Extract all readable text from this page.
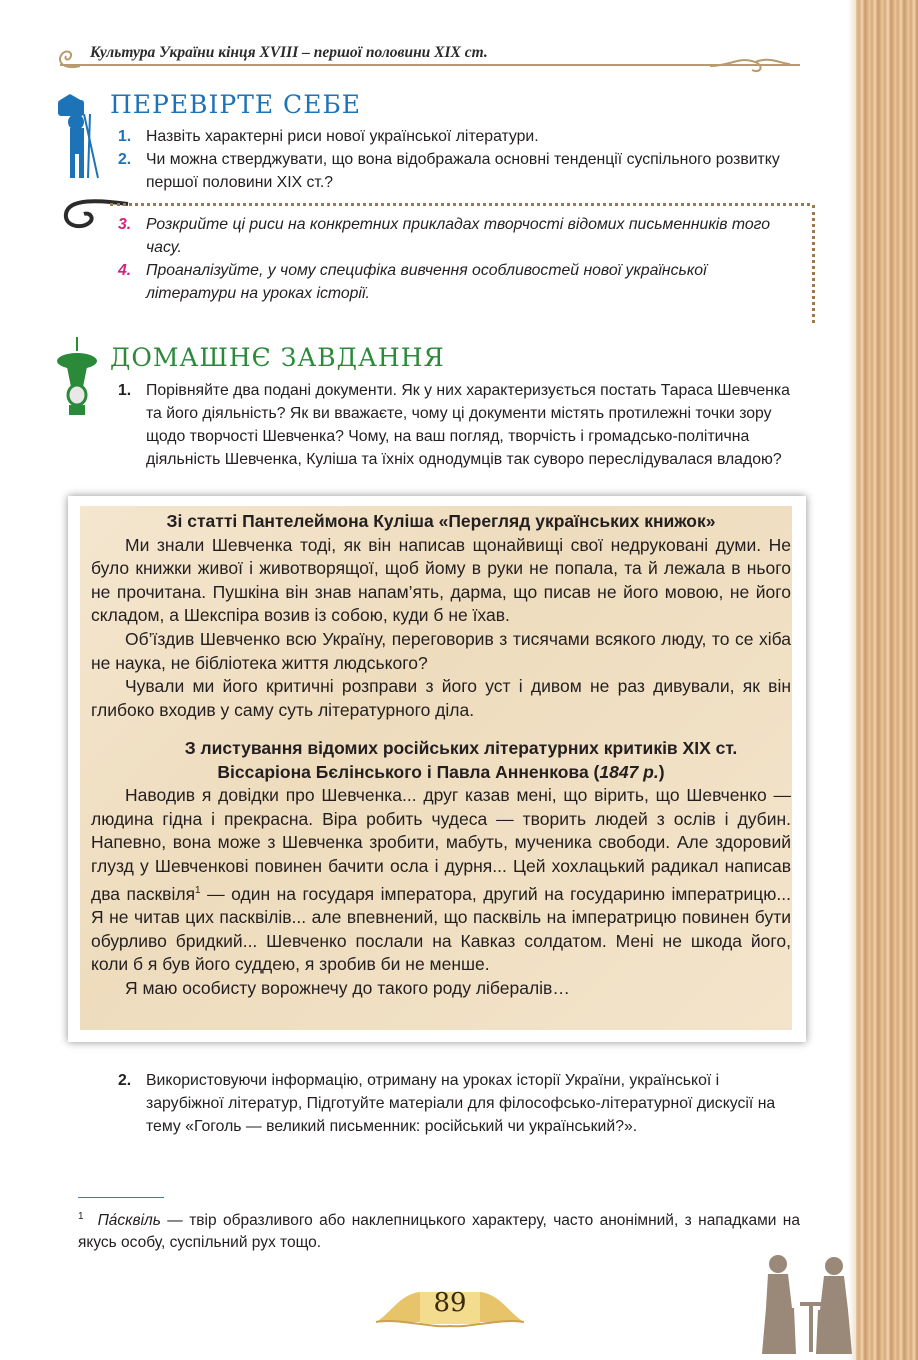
Культура України кінця XVIII – першої половини XIX ст.
ПЕРЕВІРТЕ СЕБЕ

1. Назвіть характерні риси нової української літератури.

2. Чи можна стверджувати, що вона відображала основні тенденції суспільного розвитку першої половини XIX ст.?

3. Розкрийте ці риси на конкретних прикладах творчості відомих письменників того часу.

4. Проаналізуйте, у чому специфіка вивчення особливостей нової української літератури на уроках історії.

ДОМАШНЄ ЗАВДАННЯ

1. Порівняйте два подані документи. Як у них характеризується постать Тараса Шевченка та його діяльність? Як ви вважаєте, чому ці документи містять протилежні точки зору щодо творчості Шевченка? Чому, на ваш погляд, творчість і громадсько-політична діяльність Шевченка, Куліша та їхніх однодумців так суворо переслідувалася владою?

Зі статті Пантелеймона Куліша «Перегляд українських книжок»

Ми знали Шевченка тоді, як він написав щонайвищі свої недруковані думи. Не було книжки живої і животворящої, щоб йому в руки не попала, та й лежала в нього не прочитана. Пушкіна він знав напам’ять, дарма, що писав не його мовою, не його складом, а Шекспіра возив із собою, куди б не їхав.

Об’їздив Шевченко всю Україну, переговорив з тисячами всякого люду, то се хіба не наука, не бібліотека життя людського?

Чували ми його критичні розправи з його уст і дивом не раз дивували, як він глибоко входив у саму суть літературного діла.

З листування відомих російських літературних критиків XIX ст.

Віссаріона Бєлінського і Павла Анненкова (1847 р.)

Наводив я довідки про Шевченка... друг казав мені, що вірить, що Шевченко — людина гідна і прекрасна. Віра робить чудеса — творить людей з ослів і дубин. Напевно, вона може з Шевченка зробити, мабуть, мученика свободи. Але здоровий глузд у Шевченкові повинен бачити осла і дурня... Цей хохлацький радикал написав два пасквіля$^1$ — один на государя імператора, другий на государиню імператрицю... Я не читав цих пасквілів... але впевнений, що пасквіль на імператрицю повинен бути обурливо бридкий... Шевченко послали на Кавказ солдатом. Мені не шкода його, коли б я був його суддею, я зробив би не менше.

Я маю особисту ворожнечу до такого роду лібералів…

2. Використовуючи інформацію, отриману на уроках історії України, української і зарубіжної літератур, Підготуйте матеріали для філософсько-літературної дискусії на тему «Гоголь — великий письменник: російський чи український?».

$^1$ Па́сквіль — твір образливого або наклепницького характеру, часто анонімний, з нападками на якусь особу, суспільний рух тощо.
89
